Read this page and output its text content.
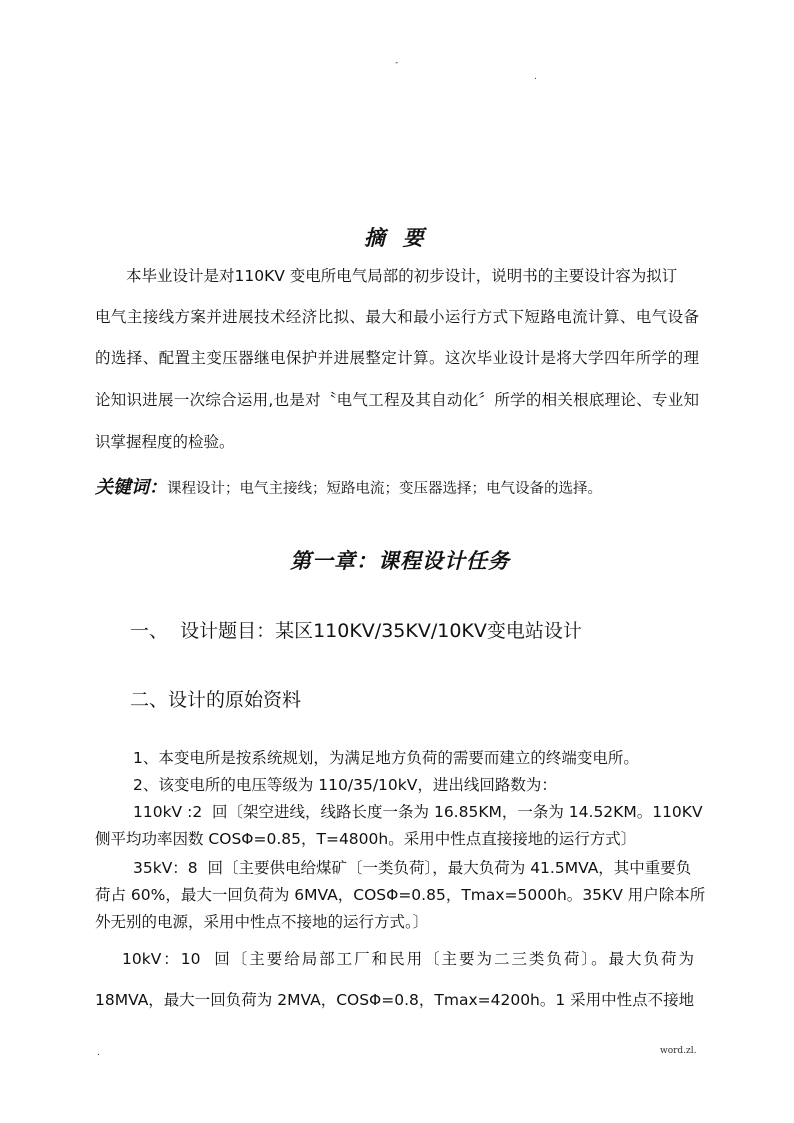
-
.
摘  要
本毕业设计是对110KV 变电所电气局部的初步设计，说明书的主要设计容为拟订
电气主接线方案并进展技术经济比拟、最大和最小运行方式下短路电流计算、电气设备
的选择、配置主变压器继电保护并进展整定计算。这次毕业设计是将大学四年所学的理
论知识进展一次综合运用,也是对〝电气工程及其自动化〞所学的相关根底理论、专业知
识掌握程度的检验。
关键词：课程设计；电气主接线；短路电流；变压器选择；电气设备的选择。
第一章：课程设计任务
一、  设计题目：某区110KV/35KV/10KV变电站设计
二、设计的原始资料
1、本变电所是按系统规划，为满足地方负荷的需要而建立的终端变电所。
2、该变电所的电压等级为 110/35/10kV，进出线回路数为：
110kV :2  回〔架空进线，线路长度一条为 16.85KM，一条为 14.52KM。110KV
侧平均功率因数 COSΦ=0.85，T=4800h。采用中性点直接接地的运行方式〕
35kV：8  回〔主要供电给煤矿〔一类负荷〕，最大负荷为 41.5MVA，其中重要负
荷占 60%，最大一回负荷为 6MVA，COSΦ=0.85，Tmax=5000h。35KV 用户除本所
外无别的电源，采用中性点不接地的运行方式。〕
10kV：10  回〔主要给局部工厂和民用〔主要为二三类负荷〕。最大负荷为
18MVA，最大一回负荷为 2MVA，COSΦ=0.8，Tmax=4200h。1 采用中性点不接地
.	word.zl.
